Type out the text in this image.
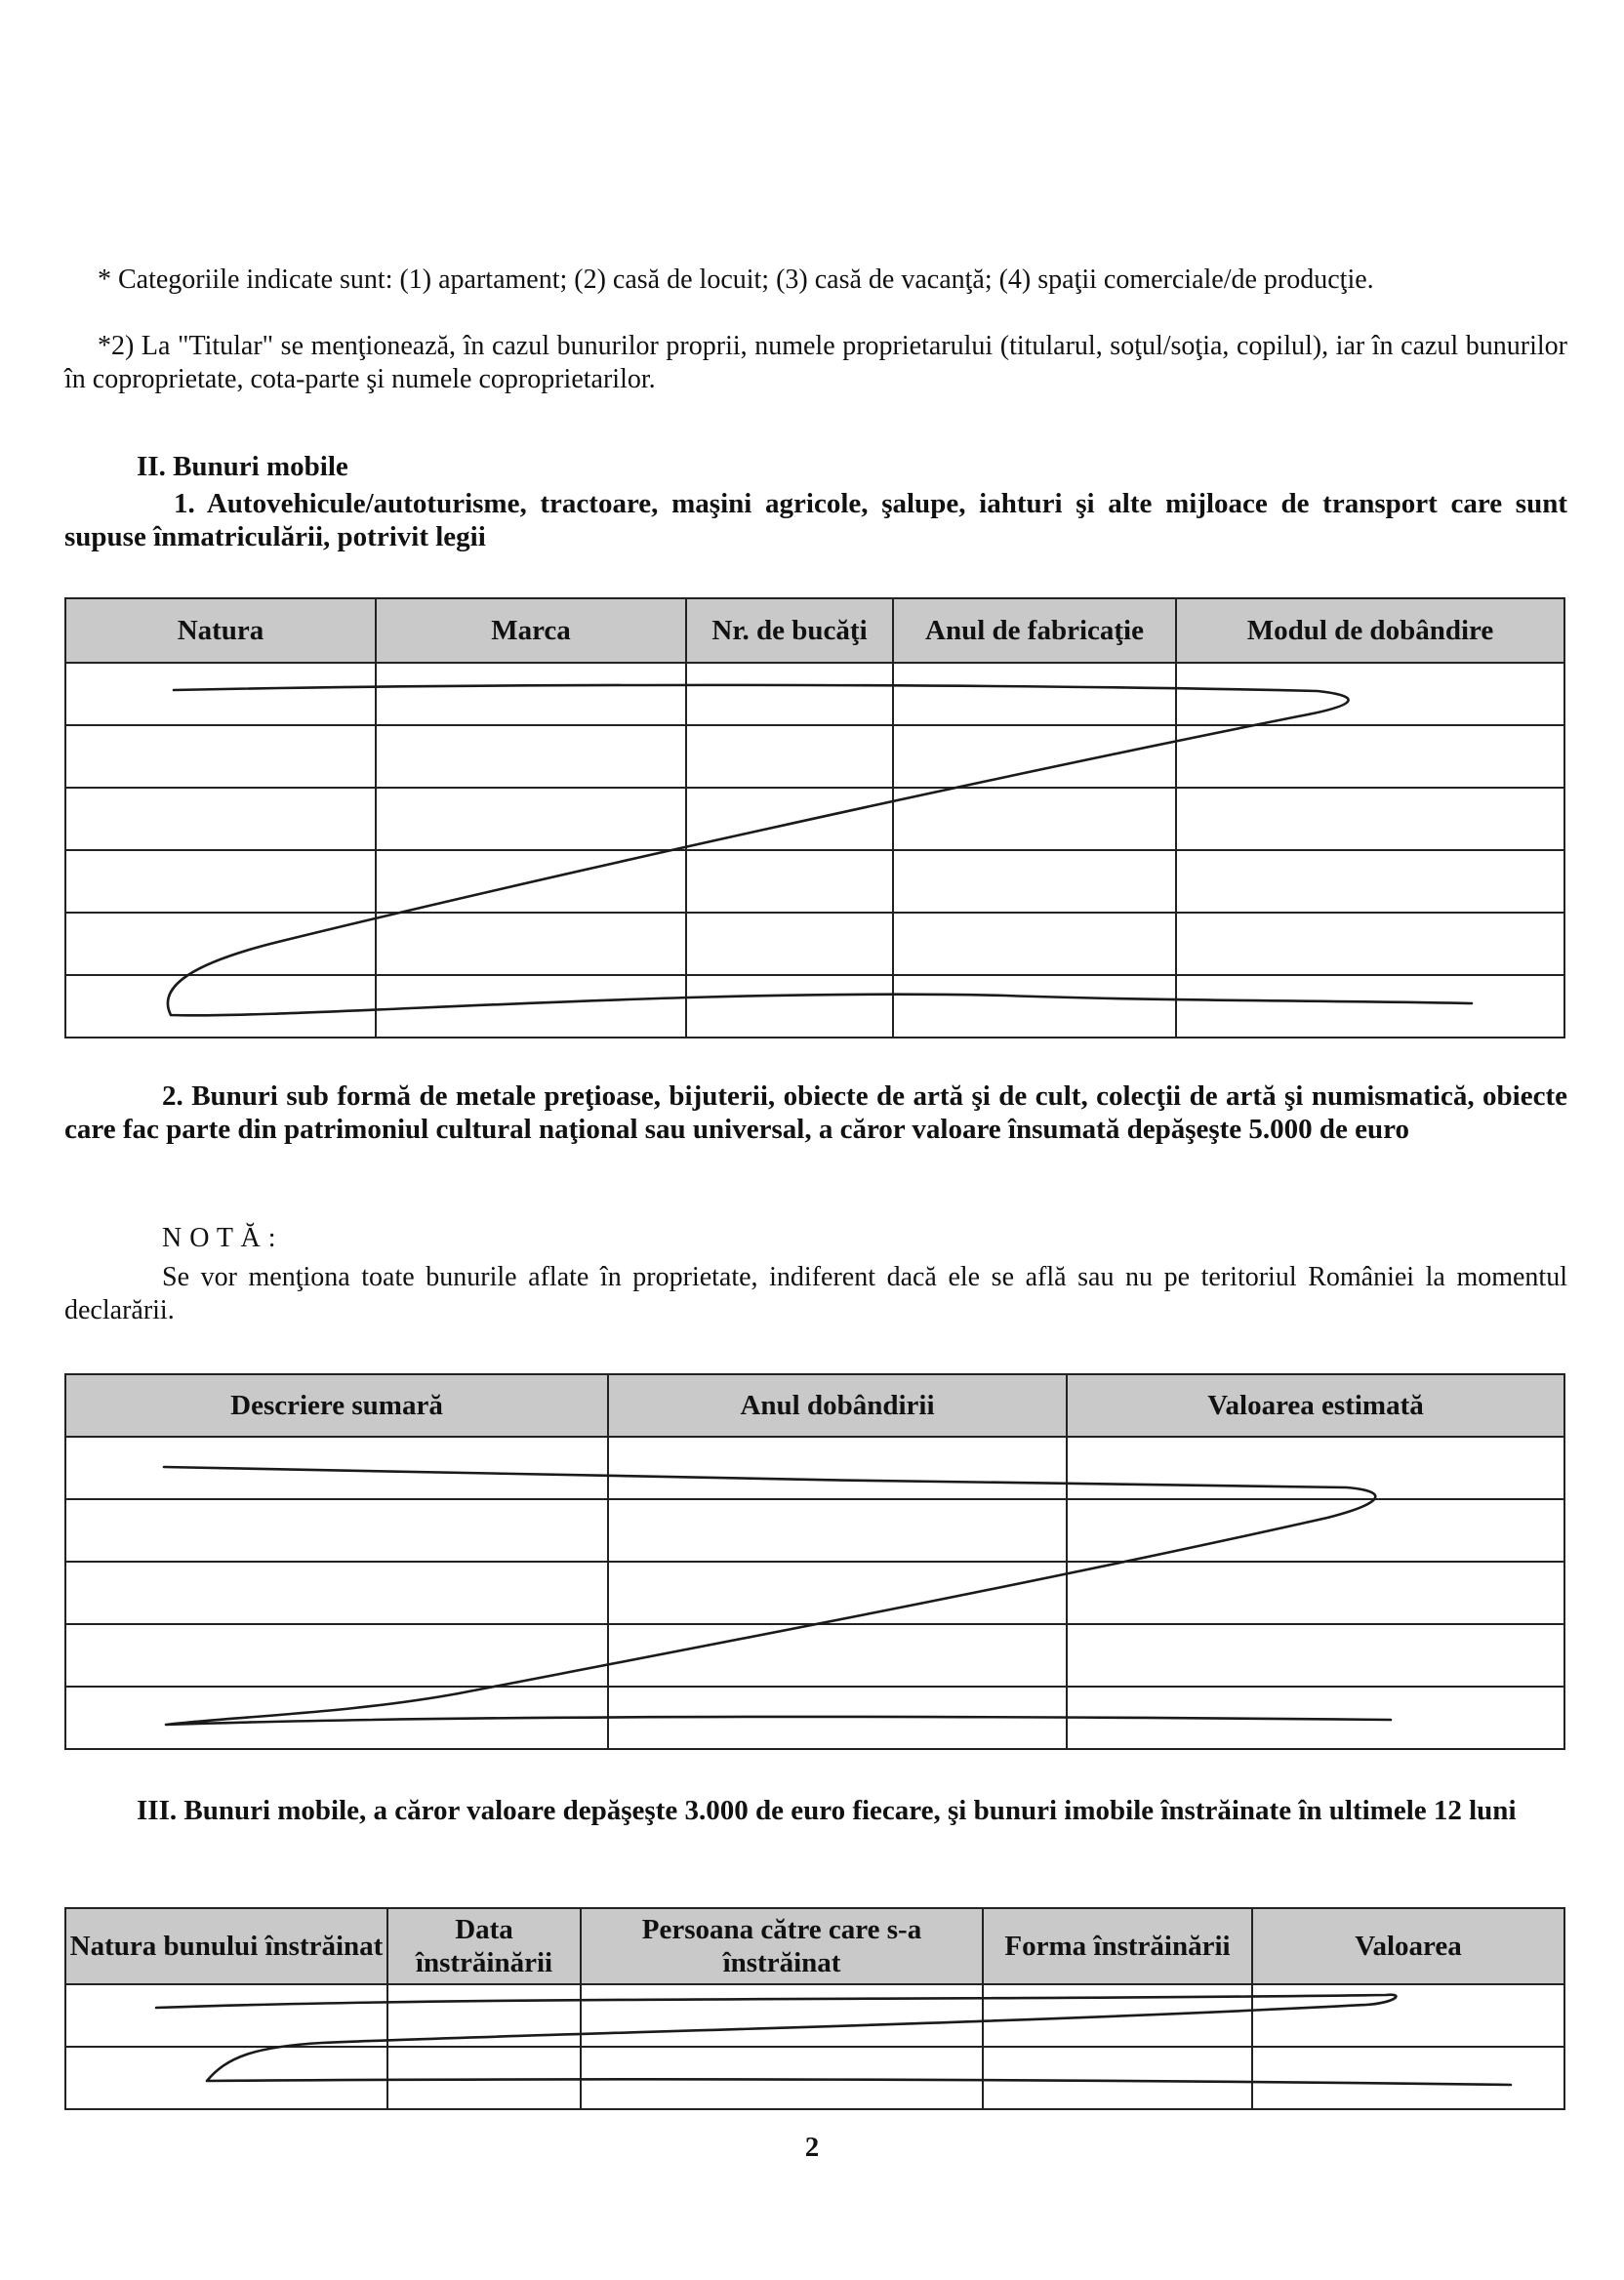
* Categoriile indicate sunt: (1) apartament; (2) casă de locuit; (3) casă de vacanţă; (4) spaţii comerciale/de producţie.
*2) La "Titular" se menţionează, în cazul bunurilor proprii, numele proprietarului (titularul, soţul/soţia, copilul), iar în cazul bunurilor în coproprietate, cota-parte şi numele coproprietarilor.
II. Bunuri mobile
1. Autovehicule/autoturisme, tractoare, maşini agricole, şalupe, iahturi şi alte mijloace de transport care sunt supuse înmatriculării, potrivit legii
Natura	Marca	Nr. de bucăţi	Anul de fabricaţie	Modul de dobândire

2. Bunuri sub formă de metale preţioase, bijuterii, obiecte de artă şi de cult, colecţii de artă şi numismatică, obiecte care fac parte din patrimoniul cultural naţional sau universal, a căror valoare însumată depăşeşte 5.000 de euro
N O T Ă :
Se vor menţiona toate bunurile aflate în proprietate, indiferent dacă ele se află sau nu pe teritoriul României la momentul declarării.
Descriere sumară	Anul dobândirii	Valoarea estimată

III. Bunuri mobile, a căror valoare depăşeşte 3.000 de euro fiecare, şi bunuri imobile înstrăinate în ultimele 12 luni
Natura bunului înstrăinat	Data înstrăinării	Persoana către care s-a înstrăinat	Forma înstrăinării	Valoarea

2
